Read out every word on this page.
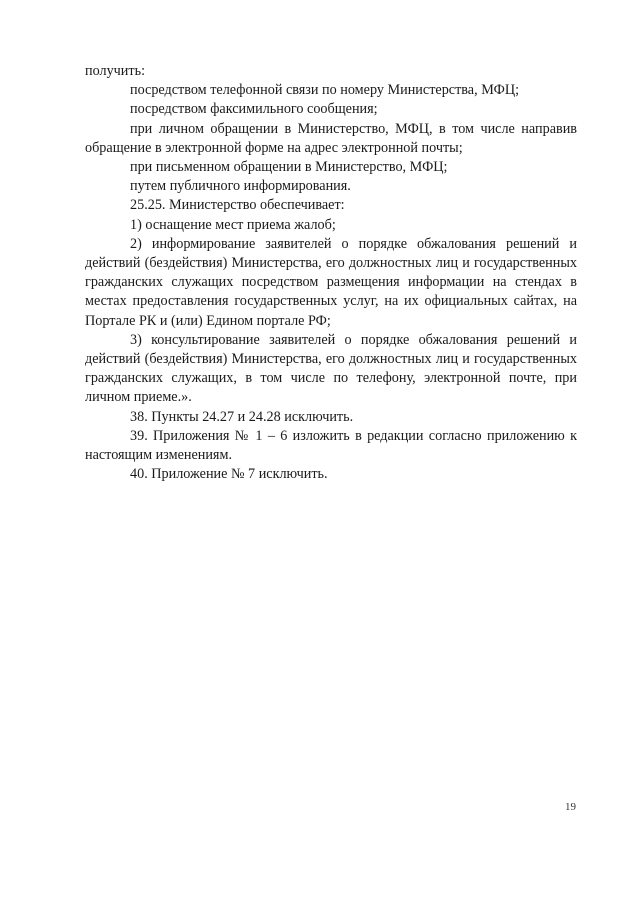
получить:

посредством телефонной связи по номеру Министерства, МФЦ;

посредством факсимильного сообщения;

при личном обращении в Министерство, МФЦ, в том числе направив обращение в электронной форме на адрес электронной почты;

при письменном обращении в Министерство, МФЦ;

путем публичного информирования.

25.25. Министерство обеспечивает:

1) оснащение мест приема жалоб;

2) информирование заявителей о порядке обжалования решений и действий (бездействия) Министерства, его должностных лиц и государственных гражданских служащих посредством размещения информации на стендах в местах предоставления государственных услуг, на их официальных сайтах, на Портале РК и (или) Едином портале РФ;

3) консультирование заявителей о порядке обжалования решений и действий (бездействия) Министерства, его должностных лиц и государственных гражданских служащих, в том числе по телефону, электронной почте, при личном приеме.».

38. Пункты 24.27 и 24.28 исключить.

39. Приложения № 1 – 6 изложить в редакции согласно приложению к настоящим изменениям.

40. Приложение № 7 исключить.

19
